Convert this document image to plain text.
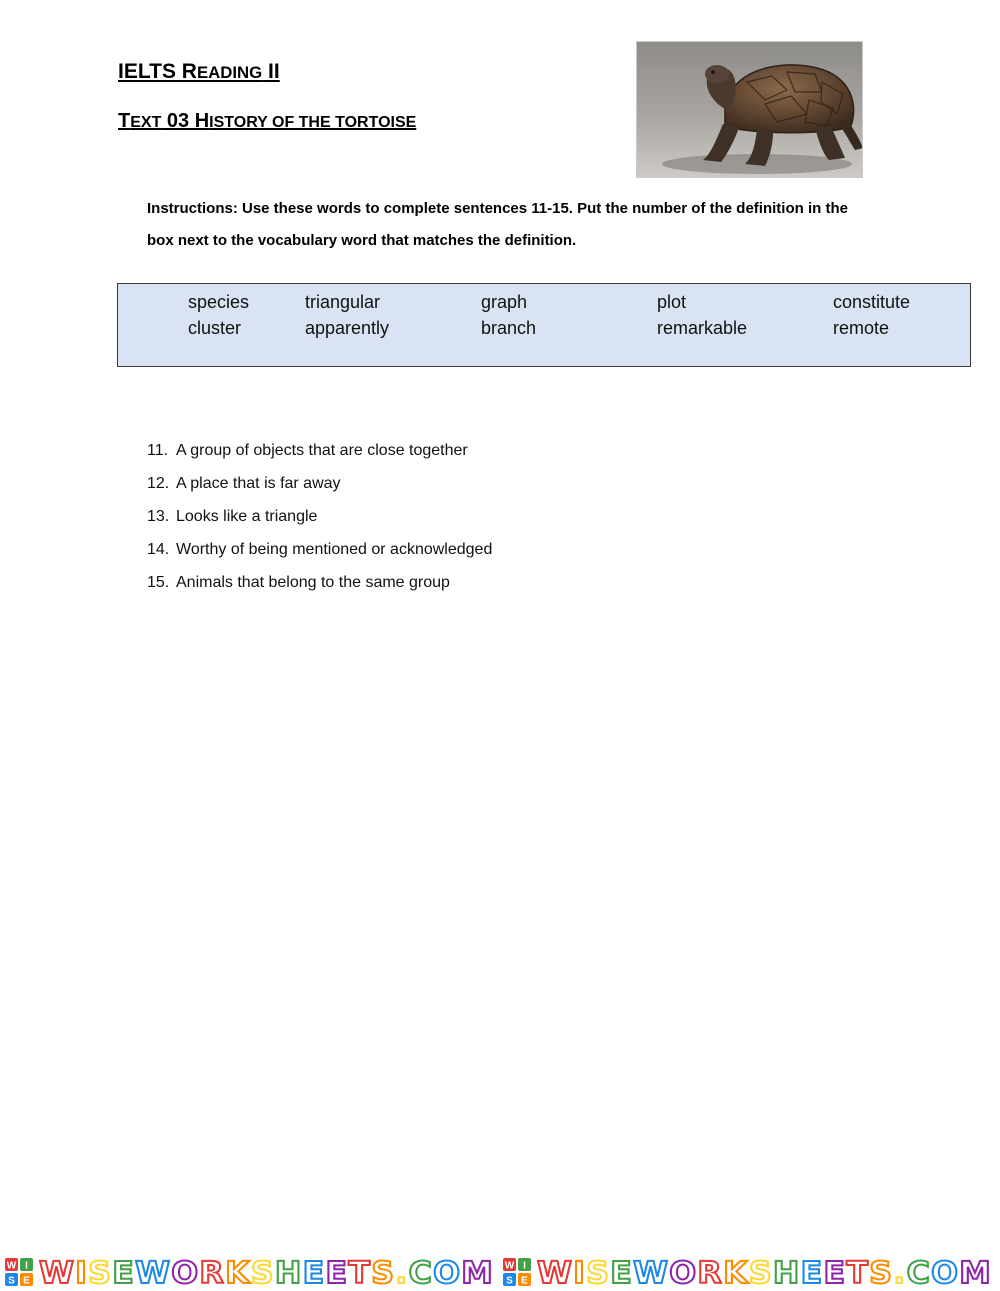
IELTS READING II
TEXT 03 HISTORY OF THE TORTOISE
Instructions: Use these words to complete sentences 11-15. Put the number of the definition in the box next to the vocabulary word that matches the definition.
species	triangular	graph	plot	constitute
cluster	apparently	branch	remarkable	remote
11. A group of objects that are close together
12. A place that is far away
13. Looks like a triangle
14. Worthy of being mentioned or acknowledged
15. Animals that belong to the same group
W I
S E WISEWORKSHEETS.COM W I
S E WISEWORKSHEETS.COM
